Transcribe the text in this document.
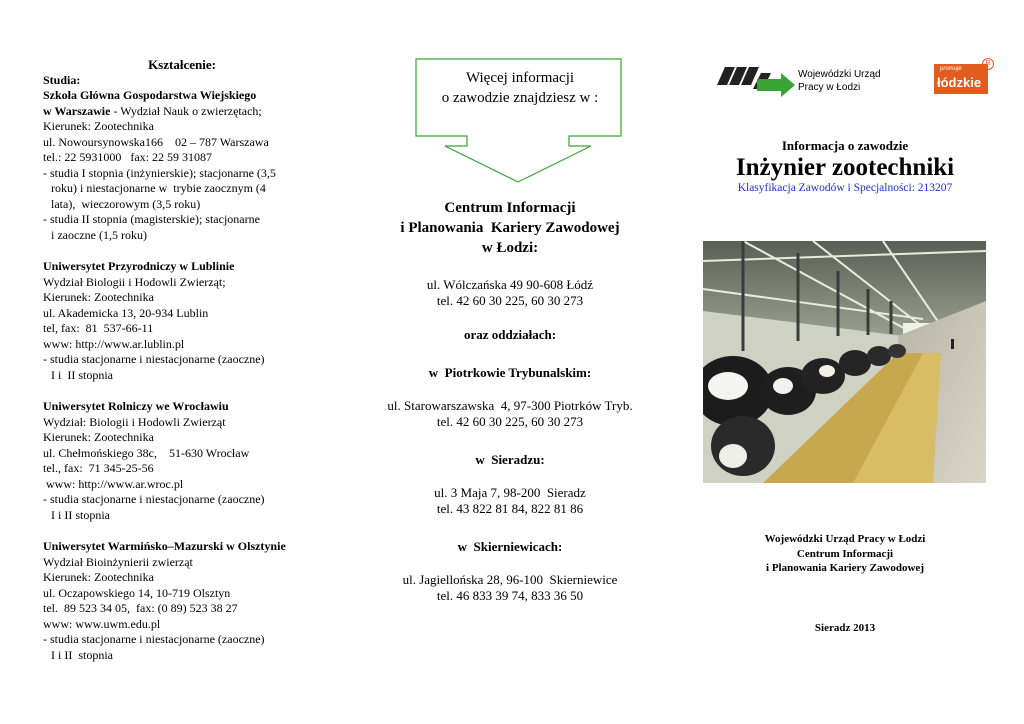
Kształcenie:
Studia:
Szkoła Główna Gospodarstwa Wiejskiego
w Warszawie - Wydział Nauk o zwierzętach;
Kierunek: Zootechnika
ul. Nowoursynowska166    02 – 787 Warszawa
tel.: 22 5931000   fax: 22 59 31087
- studia I stopnia (inżynierskie); stacjonarne (3,5
roku) i niestacjonarne w  trybie zaocznym (4
lata),  wieczorowym (3,5 roku)
- studia II stopnia (magisterskie); stacjonarne
i zaoczne (1,5 roku)
Uniwersytet Przyrodniczy w Lublinie
Wydział Biologii i Hodowli Zwierząt;
Kierunek: Zootechnika
ul. Akademicka 13, 20-934 Lublin
tel, fax:  81  537-66-11
www: http://www.ar.lublin.pl
- studia stacjonarne i niestacjonarne (zaoczne)
I i  II stopnia
Uniwersytet Rolniczy we Wrocławiu
Wydział: Biologii i Hodowli Zwierząt
Kierunek: Zootechnika
ul. Chełmońskiego 38c,    51-630 Wrocław
tel., fax:  71 345-25-56
www: http://www.ar.wroc.pl
- studia stacjonarne i niestacjonarne (zaoczne)
I i II stopnia
Uniwersytet Warmińsko–Mazurski w Olsztynie
Wydział Bioinżynierii zwierząt
Kierunek: Zootechnika
ul. Oczapowskiego 14, 10-719 Olsztyn
tel.  89 523 34 05,  fax: (0 89) 523 38 27
www: www.uwm.edu.pl
- studia stacjonarne i niestacjonarne (zaoczne)
I i II  stopnia
Więcej informacji
o zawodzie znajdziesz w :
Centrum Informacji
i Planowania  Kariery Zawodowej
w Łodzi:
ul. Wólczańska 49 90-608 Łódź
tel. 42 60 30 225, 60 30 273
oraz oddziałach:
w  Piotrkowie Trybunalskim:
ul. Starowarszawska  4, 97-300 Piotrków Tryb.
tel. 42 60 30 225, 60 30 273
w  Sieradzu:
ul. 3 Maja 7, 98-200  Sieradz
tel. 43 822 81 84, 822 81 86
w  Skierniewicach:
ul. Jagiellońska 28, 96-100  Skierniewice
tel. 46 833 39 74, 833 36 50
Wojewódzki Urząd
Pracy w Łodzi
promuje
łódzkie
R
Informacja o zawodzie
Inżynier zootechniki
Klasyfikacja Zawodów i Specjalności: 213207
Wojewódzki Urząd Pracy w Łodzi
Centrum Informacji
i Planowania Kariery Zawodowej
Sieradz 2013
